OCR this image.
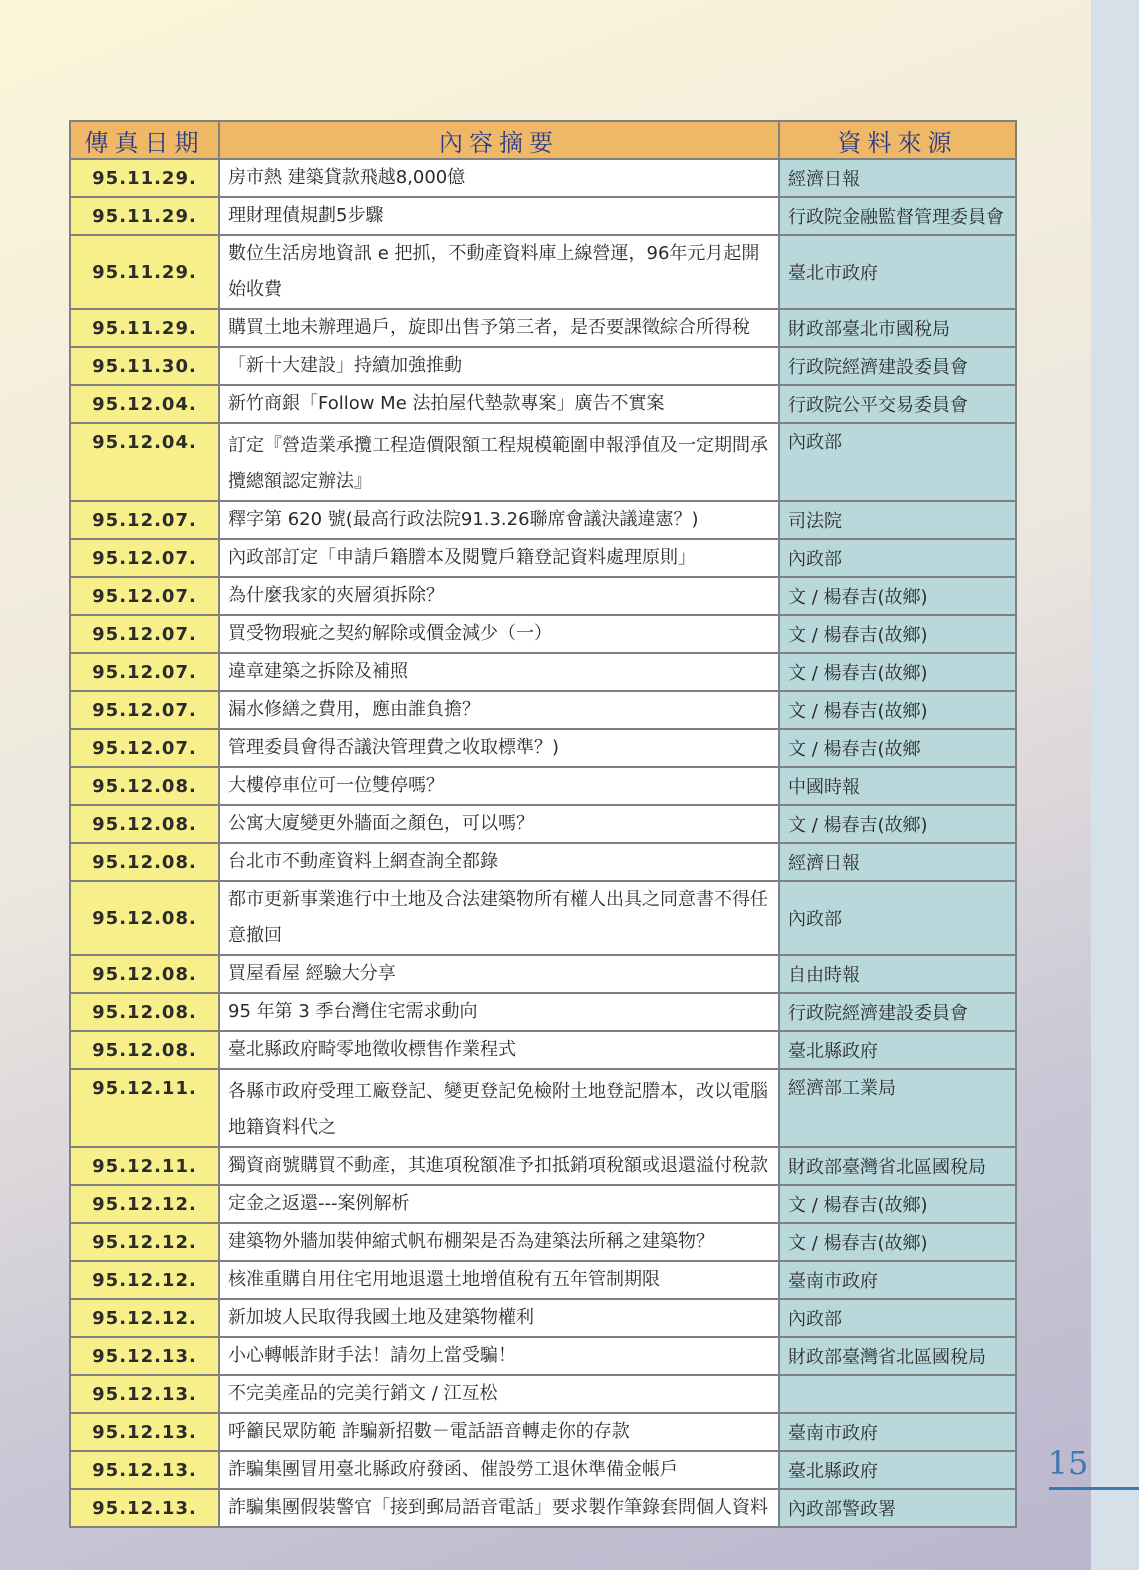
傳真日期	內容摘要	資料來源
95.11.29.	房市熱 建築貸款飛越8,000億	經濟日報
95.11.29.	理財理債規劃5步驟	行政院金融監督管理委員會
95.11.29.	數位生活房地資訊 e 把抓，不動產資料庫上線營運，96年元月起開始收費	臺北市政府
95.11.29.	購買土地未辦理過戶，旋即出售予第三者，是否要課徵綜合所得稅	財政部臺北市國稅局
95.11.30.	「新十大建設」持續加強推動	行政院經濟建設委員會
95.12.04.	新竹商銀「Follow Me 法拍屋代墊款專案」廣告不實案	行政院公平交易委員會
95.12.04.	訂定『營造業承攬工程造價限額工程規模範圍申報淨值及一定期間承攬總額認定辦法』	內政部
95.12.07.	釋字第 620 號(最高行政法院91.3.26聯席會議決議違憲？)	司法院
95.12.07.	內政部訂定「申請戶籍謄本及閱覽戶籍登記資料處理原則」	內政部
95.12.07.	為什麼我家的夾層須拆除？	文 / 楊春吉(故鄉)
95.12.07.	買受物瑕疵之契約解除或價金減少（一）	文 / 楊春吉(故鄉)
95.12.07.	違章建築之拆除及補照	文 / 楊春吉(故鄉)
95.12.07.	漏水修繕之費用，應由誰負擔？	文 / 楊春吉(故鄉)
95.12.07.	管理委員會得否議決管理費之收取標準？)	文 / 楊春吉(故鄉
95.12.08.	大樓停車位可一位雙停嗎？	中國時報
95.12.08.	公寓大廈變更外牆面之顏色，可以嗎？	文 / 楊春吉(故鄉)
95.12.08.	台北市不動產資料上網查詢全都錄	經濟日報
95.12.08.	都市更新事業進行中土地及合法建築物所有權人出具之同意書不得任意撤回	內政部
95.12.08.	買屋看屋 經驗大分享	自由時報
95.12.08.	95 年第 3 季台灣住宅需求動向	行政院經濟建設委員會
95.12.08.	臺北縣政府畸零地徵收標售作業程式	臺北縣政府
95.12.11.	各縣市政府受理工廠登記、變更登記免檢附土地登記謄本，改以電腦地籍資料代之	經濟部工業局
95.12.11.	獨資商號購買不動產，其進項稅額准予扣抵銷項稅額或退還溢付稅款	財政部臺灣省北區國稅局
95.12.12.	定金之返還---案例解析	文 / 楊春吉(故鄉)
95.12.12.	建築物外牆加裝伸縮式帆布棚架是否為建築法所稱之建築物？	文 / 楊春吉(故鄉)
95.12.12.	核准重購自用住宅用地退還土地增值稅有五年管制期限	臺南市政府
95.12.12.	新加坡人民取得我國土地及建築物權利	內政部
95.12.13.	小心轉帳詐財手法！請勿上當受騙！	財政部臺灣省北區國稅局
95.12.13.	不完美產品的完美行銷文 / 江亙松	
95.12.13.	呼籲民眾防範 詐騙新招數－電話語音轉走你的存款	臺南市政府
95.12.13.	詐騙集團冒用臺北縣政府發函、催設勞工退休準備金帳戶	臺北縣政府
95.12.13.	詐騙集團假裝警官「接到郵局語音電話」要求製作筆錄套問個人資料	內政部警政署
15
